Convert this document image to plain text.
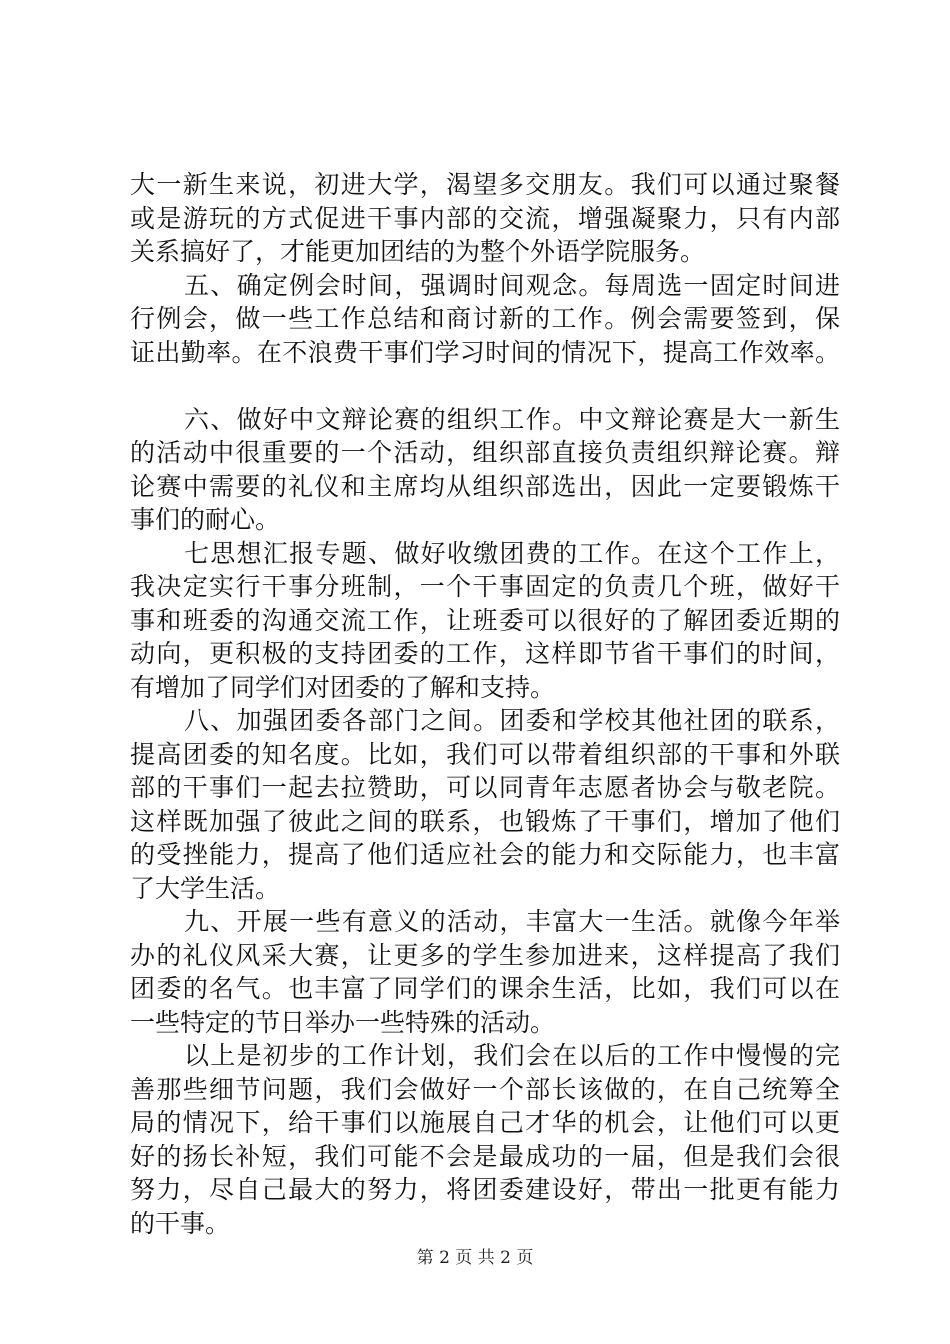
大一新生来说，初进大学，渴望多交朋友。我们可以通过聚餐
或是游玩的方式促进干事内部的交流，增强凝聚力，只有内部
关系搞好了，才能更加团结的为整个外语学院服务。
五、确定例会时间，强调时间观念。每周选一固定时间进
行例会，做一些工作总结和商讨新的工作。例会需要签到，保
证出勤率。在不浪费干事们学习时间的情况下，提高工作效率。
六、做好中文辩论赛的组织工作。中文辩论赛是大一新生
的活动中很重要的一个活动，组织部直接负责组织辩论赛。辩
论赛中需要的礼仪和主席均从组织部选出，因此一定要锻炼干
事们的耐心。
七思想汇报专题、做好收缴团费的工作。在这个工作上，
我决定实行干事分班制，一个干事固定的负责几个班，做好干
事和班委的沟通交流工作，让班委可以很好的了解团委近期的
动向，更积极的支持团委的工作，这样即节省干事们的时间，
有增加了同学们对团委的了解和支持。
八、加强团委各部门之间。团委和学校其他社团的联系，
提高团委的知名度。比如，我们可以带着组织部的干事和外联
部的干事们一起去拉赞助，可以同青年志愿者协会与敬老院。
这样既加强了彼此之间的联系，也锻炼了干事们，增加了他们
的受挫能力，提高了他们适应社会的能力和交际能力，也丰富
了大学生活。
九、开展一些有意义的活动，丰富大一生活。就像今年举
办的礼仪风采大赛，让更多的学生参加进来，这样提高了我们
团委的名气。也丰富了同学们的课余生活，比如，我们可以在
一些特定的节日举办一些特殊的活动。
以上是初步的工作计划，我们会在以后的工作中慢慢的完
善那些细节问题，我们会做好一个部长该做的，在自己统筹全
局的情况下，给干事们以施展自己才华的机会，让他们可以更
好的扬长补短，我们可能不会是最成功的一届，但是我们会很
努力，尽自己最大的努力，将团委建设好，带出一批更有能力
的干事。
第 2 页 共 2 页
